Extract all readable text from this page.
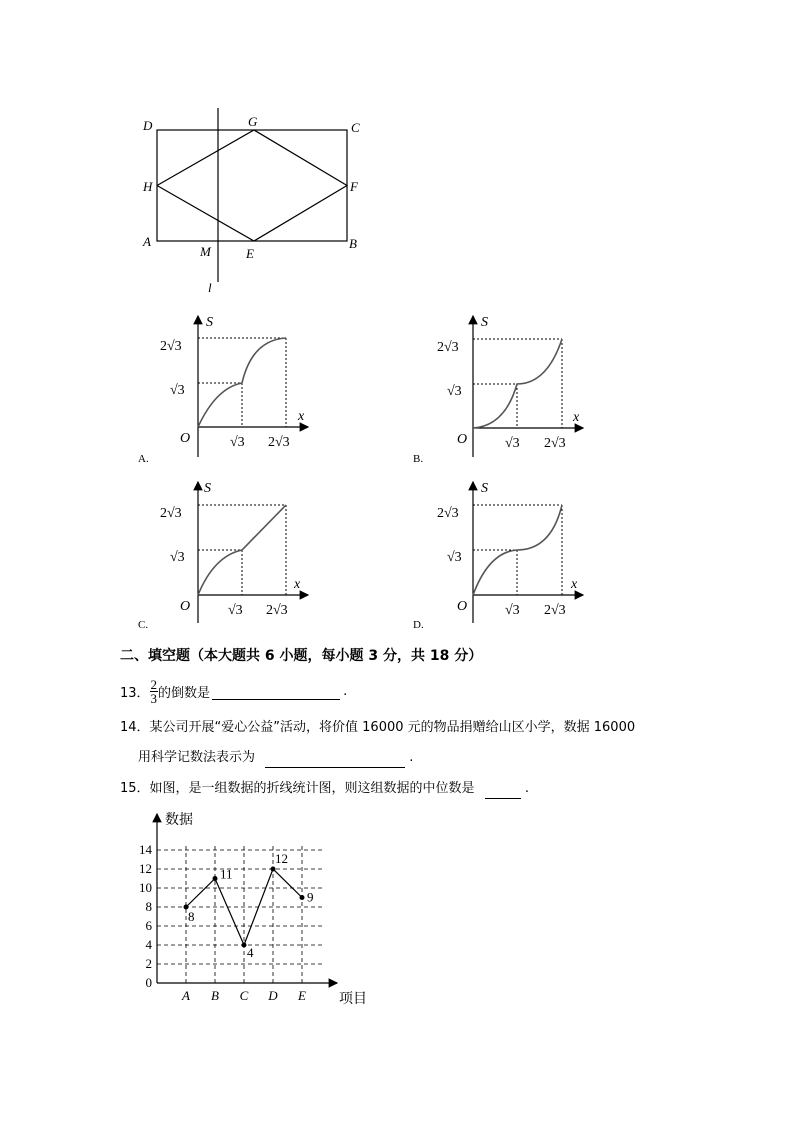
D	G	C
H	F
A
M	E
B
l
S
x
O
2√3
√3
√3 2√3
A.
S
x
O
2√3
√3
√3 2√3
B.
S
x
O
2√3
√3
√3 2√3
C.
S
x
O
2√3
√3
√3 2√3
D.
二、填空题（本大题共 6 小题，每小题 3 分，共 18 分）
13． $\frac{2}{3}$ 的倒数是	.
14．某公司开展“爱心公益”活动，将价值 16000 元的物品捐赠给山区小学，数据 16000
用科学记数法表示为	.
15．如图，是一组数据的折线统计图，则这组数据的中位数是	.
0
2
4
6
8
10
12
14
A B C D E
数据
项目
8
11
4
12
9
